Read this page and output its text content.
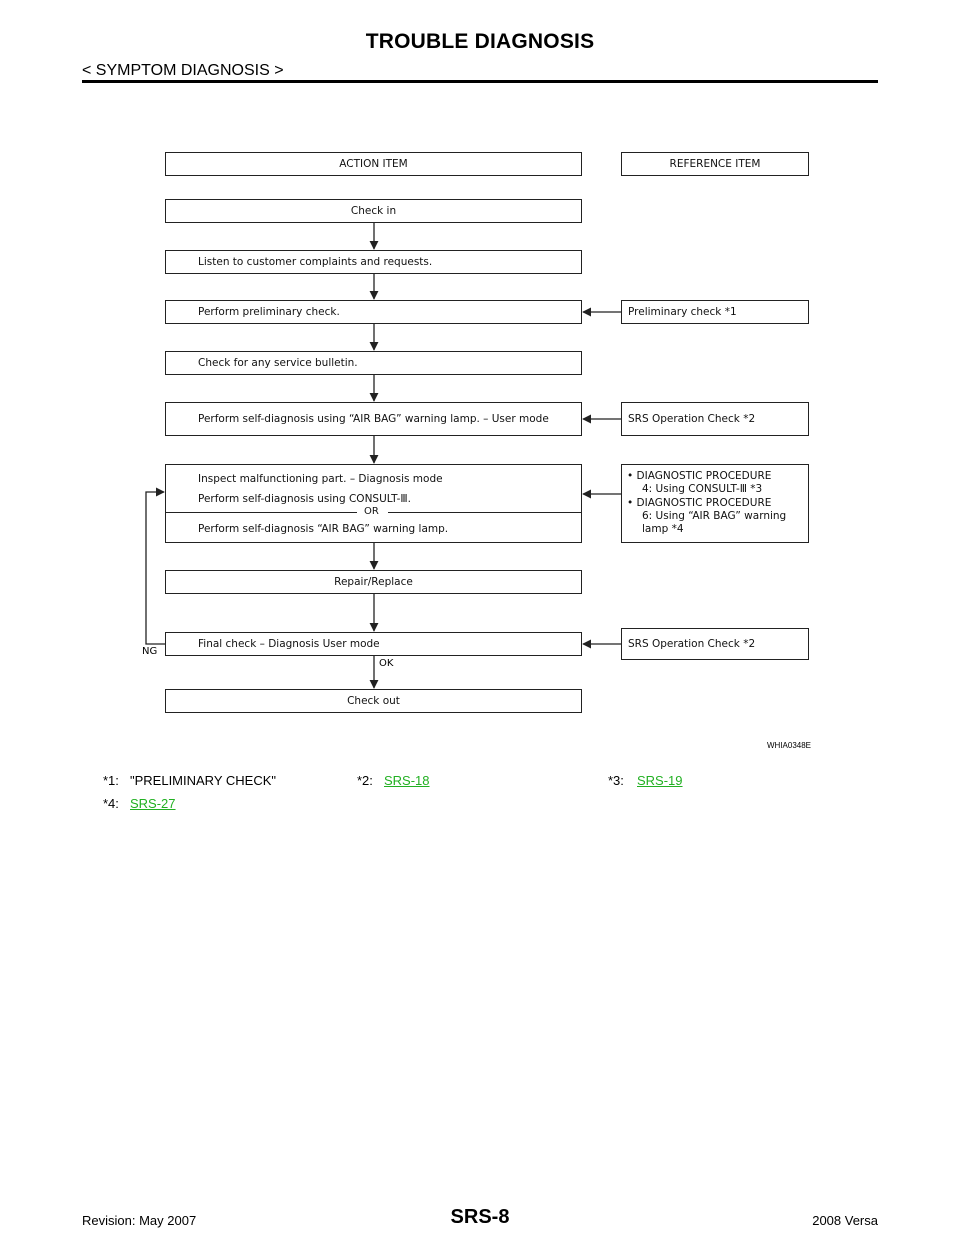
TROUBLE DIAGNOSIS
< SYMPTOM DIAGNOSIS >
ACTION ITEM	REFERENCE ITEM
Check in
Listen to customer complaints and requests.
Perform preliminary check.
Check for any service bulletin.
Perform self-diagnosis using “AIR BAG” warning lamp. – User mode
Inspect malfunctioning part. – Diagnosis mode
Perform self-diagnosis using CONSULT-Ⅲ.
OR
Perform self-diagnosis “AIR BAG” warning lamp.
Repair/Replace
Final check – Diagnosis User mode
Check out
Preliminary check *1
SRS Operation Check *2
• DIAGNOSTIC PROCEDURE
4: Using CONSULT-Ⅲ *3
• DIAGNOSTIC PROCEDURE
6: Using “AIR BAG” warning
lamp *4
SRS Operation Check *2
NG
OK
WHIA0348E
*1: "PRELIMINARY CHECK"	*2: SRS-18	*3: SRS-19
*4: SRS-27
Revision: May 2007	SRS-8	2008 Versa
